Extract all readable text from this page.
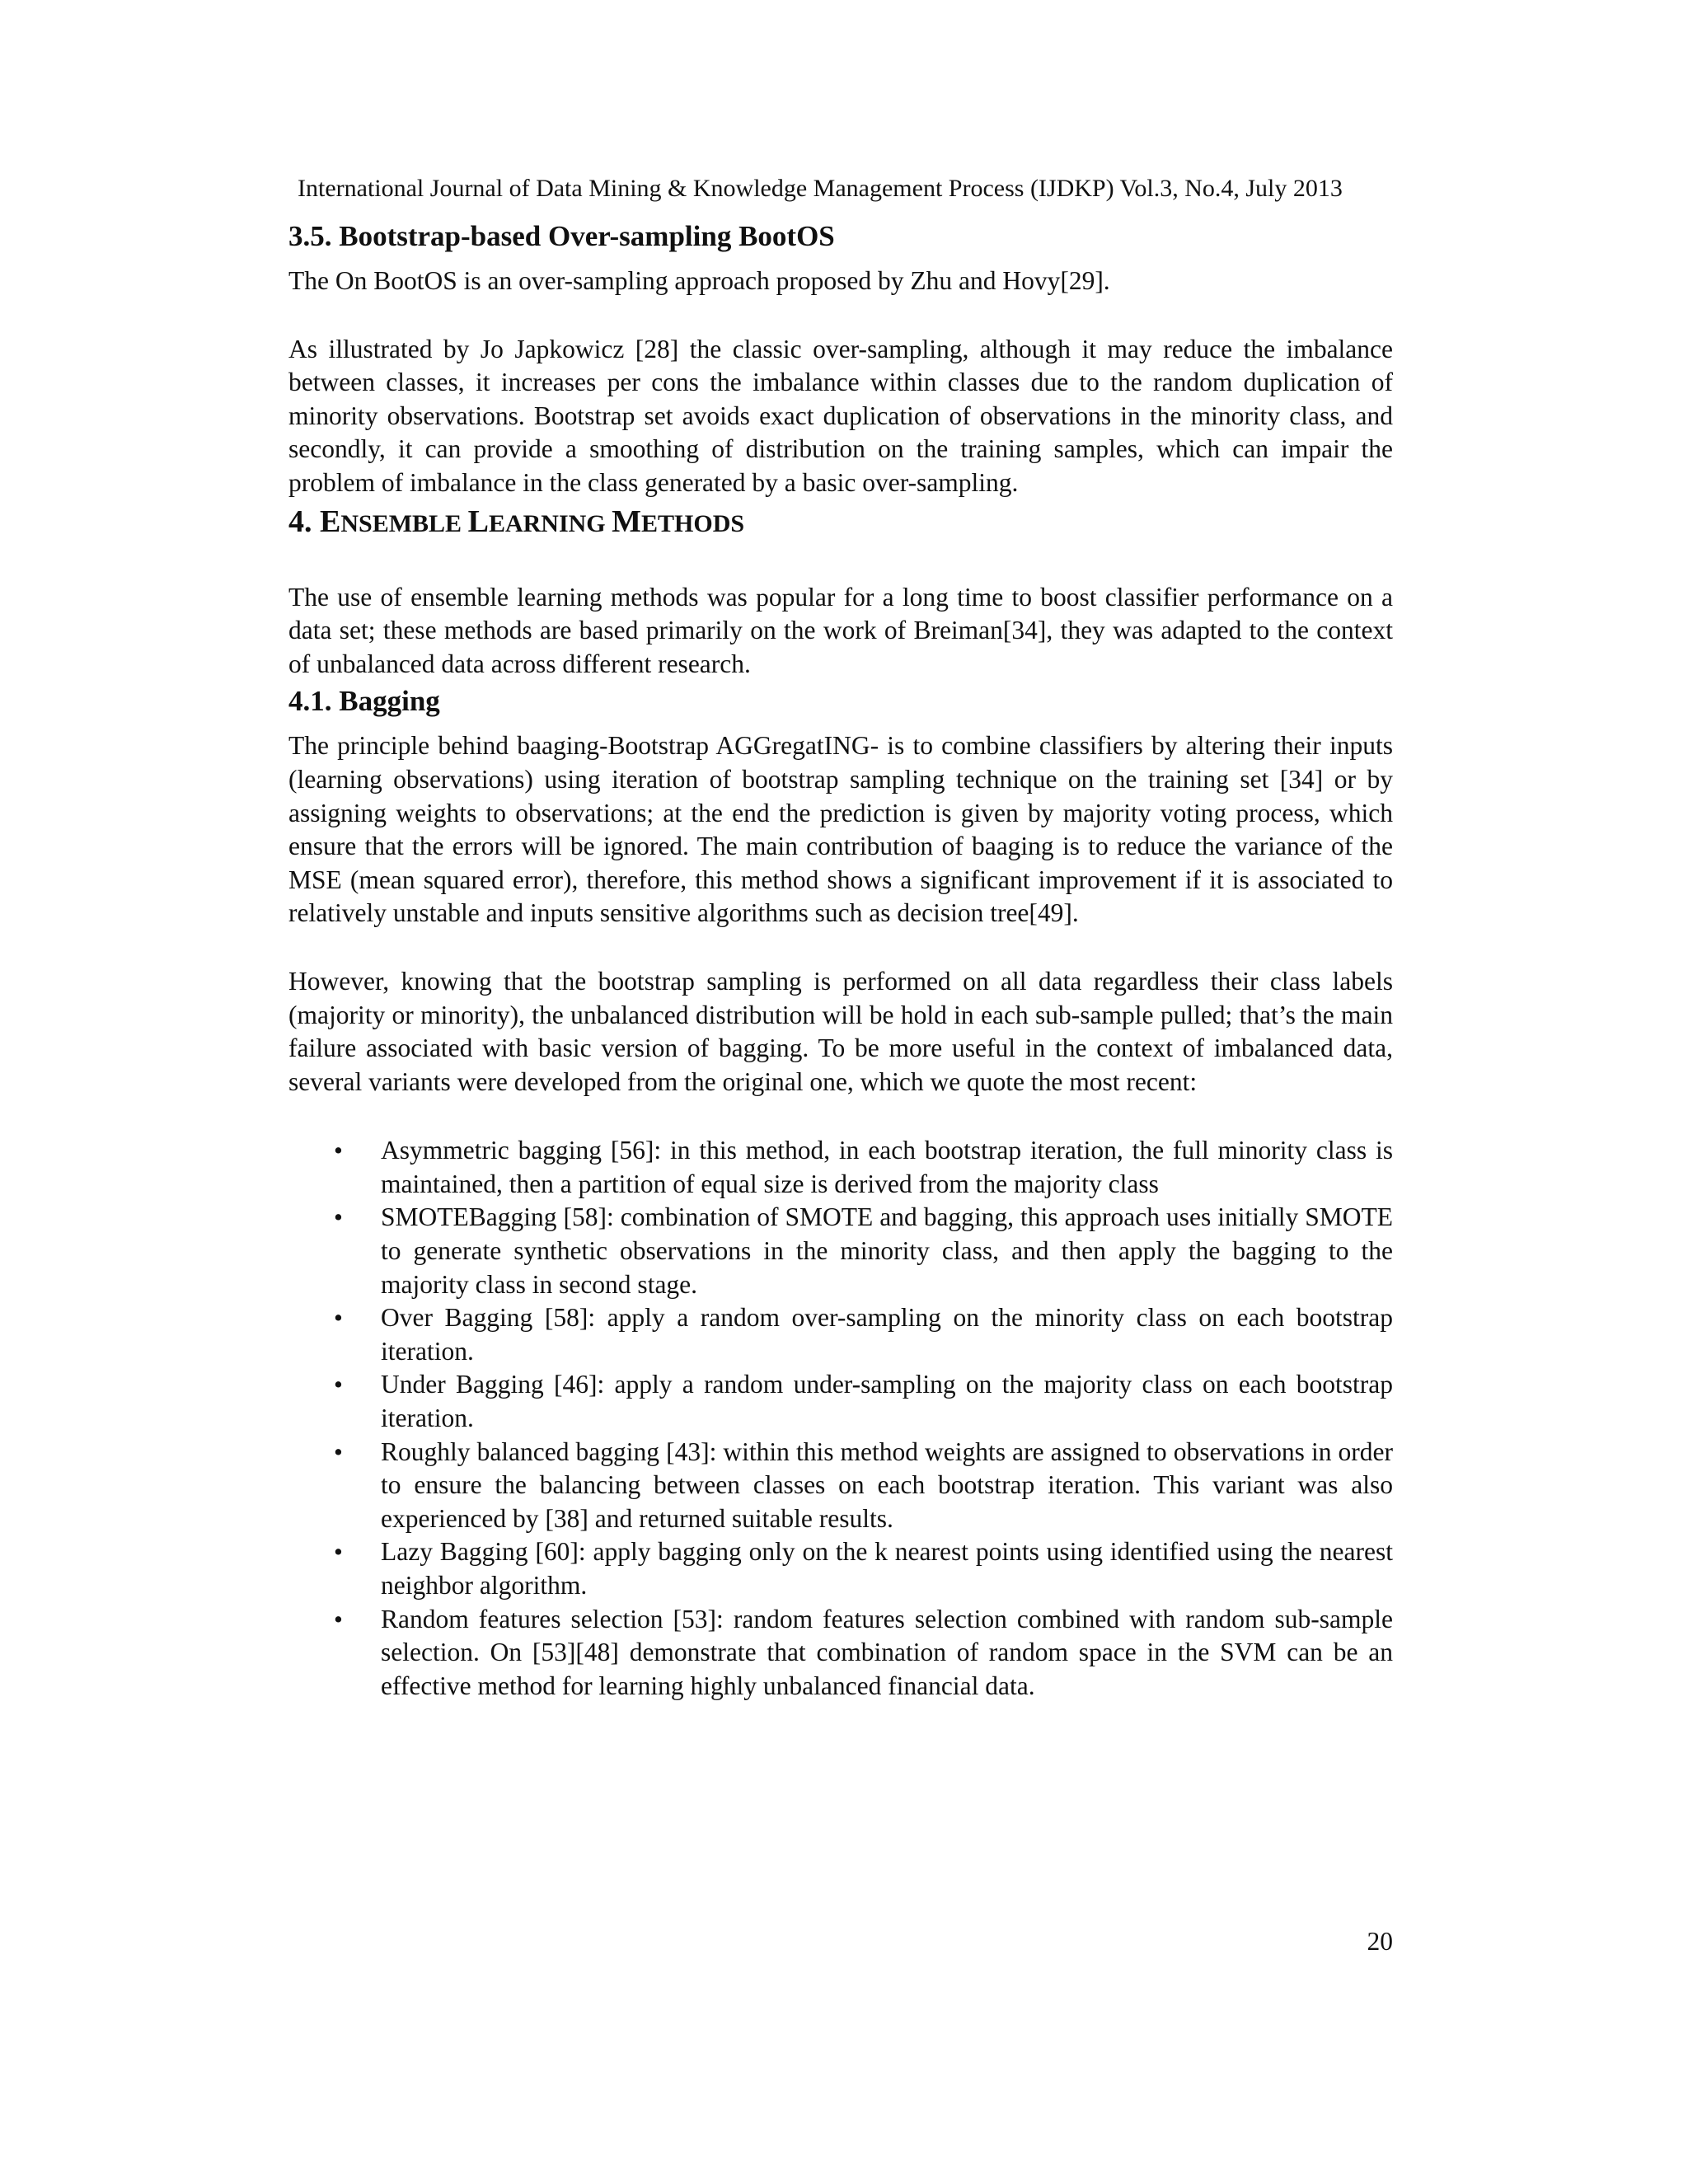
International Journal of Data Mining & Knowledge Management Process (IJDKP) Vol.3, No.4, July 2013
3.5. Bootstrap-based Over-sampling BootOS

The On BootOS is an over-sampling approach proposed by Zhu and Hovy[29].

As illustrated by Jo Japkowicz [28] the classic over-sampling, although it may reduce the imbalance between classes, it increases per cons the imbalance within classes due to the random duplication of minority observations. Bootstrap set avoids exact duplication of observations in the minority class, and secondly, it can provide a smoothing of distribution on the training samples, which can impair the problem of imbalance in the class generated by a basic over-sampling.

4. ENSEMBLE LEARNING METHODS

The use of ensemble learning methods was popular for a long time to boost classifier performance on a data set; these methods are based primarily on the work of Breiman[34], they was adapted to the context of unbalanced data across different research.

4.1. Bagging

The principle behind baaging-Bootstrap AGGregatING- is to combine classifiers by altering their inputs (learning observations) using iteration of bootstrap sampling technique on the training set [34] or by assigning weights to observations; at the end the prediction is given by majority voting process, which ensure that the errors will be ignored. The main contribution of baaging is to reduce the variance of the MSE (mean squared error), therefore, this method shows a significant improvement if it is associated to relatively unstable and inputs sensitive algorithms such as decision tree[49].

However, knowing that the bootstrap sampling is performed on all data regardless their class labels (majority or minority), the unbalanced distribution will be hold in each sub-sample pulled; that’s the main failure associated with basic version of bagging. To be more useful in the context of imbalanced data, several variants were developed from the original one, which we quote the most recent:

• Asymmetric bagging [56]: in this method, in each bootstrap iteration, the full minority class is maintained, then a partition of equal size is derived from the majority class
• SMOTEBagging [58]: combination of SMOTE and bagging, this approach uses initially SMOTE to generate synthetic observations in the minority class, and then apply the bagging to the majority class in second stage.
• Over Bagging [58]: apply a random over-sampling on the minority class on each bootstrap iteration.
• Under Bagging [46]: apply a random under-sampling on the majority class on each bootstrap iteration.
• Roughly balanced bagging [43]: within this method weights are assigned to observations in order to ensure the balancing between classes on each bootstrap iteration. This variant was also experienced by [38] and returned suitable results.
• Lazy Bagging [60]: apply bagging only on the k nearest points using identified using the nearest neighbor algorithm.
• Random features selection [53]: random features selection combined with random sub-sample selection. On [53][48] demonstrate that combination of random space in the SVM can be an effective method for learning highly unbalanced financial data.
20
